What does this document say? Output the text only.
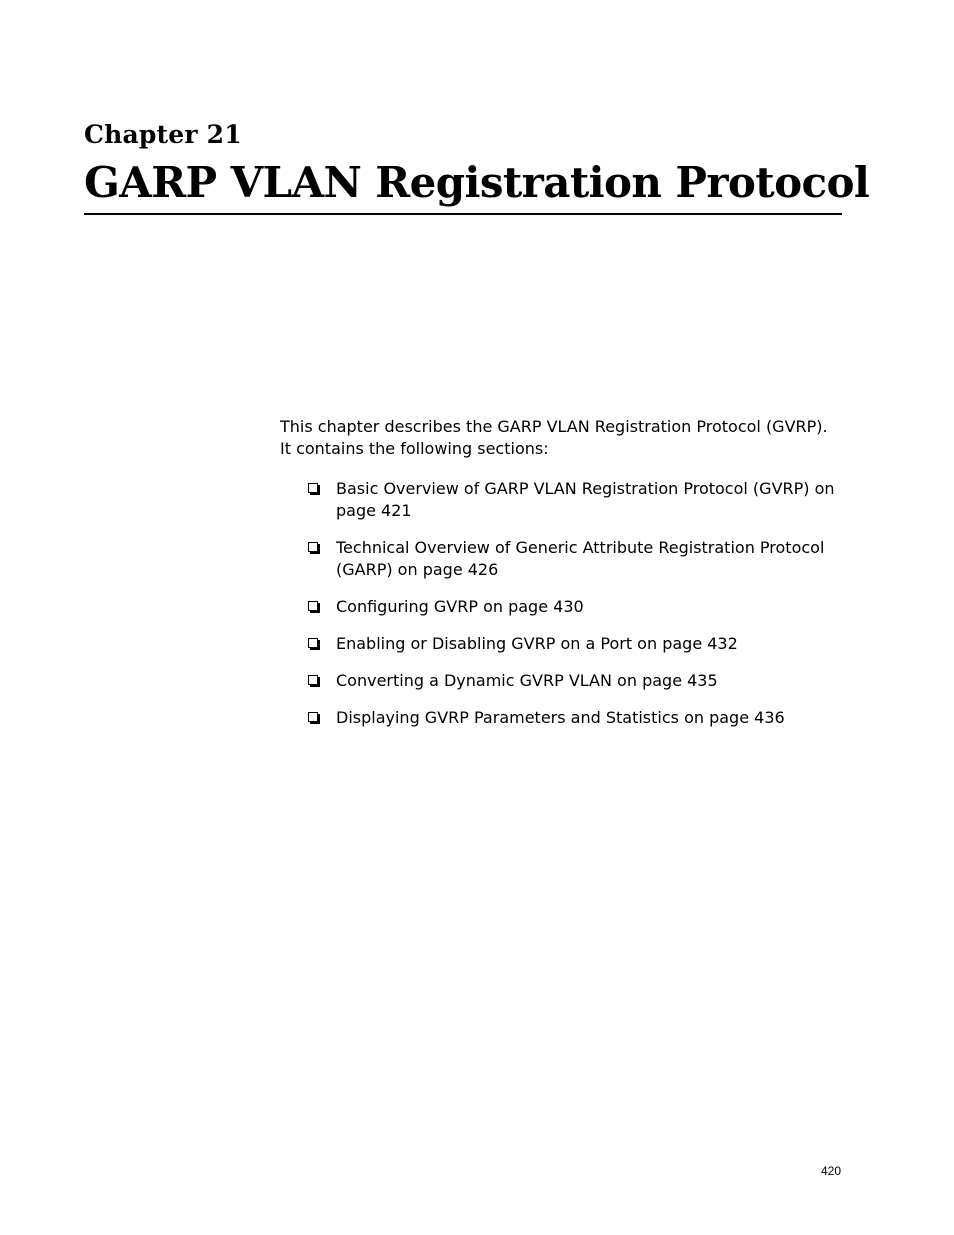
Chapter 21
GARP VLAN Registration Protocol

This chapter describes the GARP VLAN Registration Protocol (GVRP). It contains the following sections:

Basic Overview of GARP VLAN Registration Protocol (GVRP) on page 421
Technical Overview of Generic Attribute Registration Protocol (GARP) on page 426
Configuring GVRP on page 430
Enabling or Disabling GVRP on a Port on page 432
Converting a Dynamic GVRP VLAN on page 435
Displaying GVRP Parameters and Statistics on page 436

420
